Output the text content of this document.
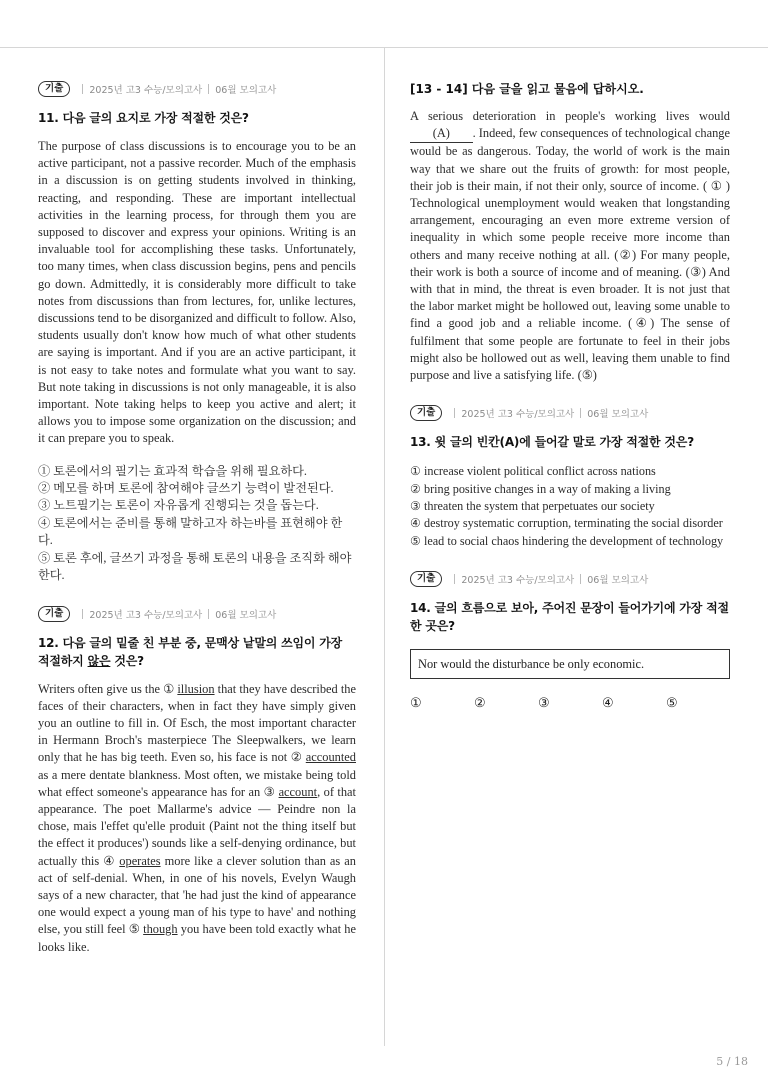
기출	2025년 고3 수능/모의고사 06월 모의고사
11. 다음 글의 요지로 가장 적절한 것은?
The purpose of class discussions is to encourage you to be an active participant, not a passive recorder. Much of the emphasis in a discussion is on getting students involved in thinking, reacting, and responding. These are important intellectual activities in the learning process, for through them you are supposed to discover and express your opinions. Writing is an invaluable tool for accomplishing these tasks. Unfortunately, too many times, when class discussion begins, pens and pencils go down. Admittedly, it is considerably more difficult to take notes from discussions than from lectures, for, unlike lectures, discussions tend to be disorganized and difficult to follow. Also, students usually don't know how much of what other students are saying is important. And if you are an active participant, it is not easy to take notes and formulate what you want to say. But note taking in discussions is not only manageable, it is also important. Note taking helps to keep you active and alert; it allows you to impose some organization on the discussion; and it can prepare you to speak.
① 토론에서의 필기는 효과적 학습을 위해 필요하다.
② 메모를 하며 토론에 참여해야 글쓰기 능력이 발전된다.
③ 노트필기는 토론이 자유롭게 진행되는 것을 돕는다.
④ 토론에서는 준비를 통해 말하고자 하는바를 표현해야 한다.
⑤ 토론 후에, 글쓰기 과정을 통해 토론의 내용을 조직화 해야한다.
기출	2025년 고3 수능/모의고사 06월 모의고사
12. 다음 글의 밑줄 친 부분 중, 문맥상 낱말의 쓰임이 가장 적절하지 않은 것은?
Writers often give us the ① illusion that they have described the faces of their characters, when in fact they have simply given you an outline to fill in. Of Esch, the most important character in Hermann Broch's masterpiece The Sleepwalkers, we learn only that he has big teeth. Even so, his face is not ② accounted as a mere dentate blankness. Most often, we mistake being told what effect someone's appearance has for an ③ account, of that appearance. The poet Mallarme's advice — Peindre non la chose, mais l'effet qu'elle produit (Paint not the thing itself but the effect it produces') sounds like a self-denying ordinance, but actually this ④ operates more like a clever solution than as an act of self-denial. When, in one of his novels, Evelyn Waugh says of a new character, that 'he had just the kind of appearance one would expect a young man of his type to have' and nothing else, you still feel ⑤ though you have been told exactly what he looks like.
[13 - 14] 다음 글을 읽고 물음에 답하시오.
A serious deterioration in people's working lives would        (A) . Indeed, few consequences of technological change would be as dangerous. Today, the world of work is the main way that we share out the fruits of growth: for most people, their job is their main, if not their only, source of income. ( ① ) Technological unemployment would weaken that longstanding arrangement, encouraging an even more extreme version of inequality in which some people receive more income than others and many receive nothing at all. (②) For many people, their work is both a source of income and of meaning. (③) And with that in mind, the threat is even broader. It is not just that the labor market might be hollowed out, leaving some unable to find a good job and a reliable income. (④) The sense of fulfilment that some people are fortunate to feel in their jobs might also be hollowed out as well, leaving them unable to find purpose and live a satisfying life. (⑤)
기출	2025년 고3 수능/모의고사 06월 모의고사
13. 윗 글의 빈칸(A)에 들어갈 말로 가장 적절한 것은?
① increase violent political conflict across nations
② bring positive changes in a way of making a living
③ threaten the system that perpetuates our society
④ destroy systematic corruption, terminating the social disorder
⑤ lead to social chaos hindering the development of technology
기출	2025년 고3 수능/모의고사 06월 모의고사
14. 글의 흐름으로 보아, 주어진 문장이 들어가기에 가장 적절한 곳은?
Nor would the disturbance be only economic.
①	②	③	④	⑤
5 / 18
